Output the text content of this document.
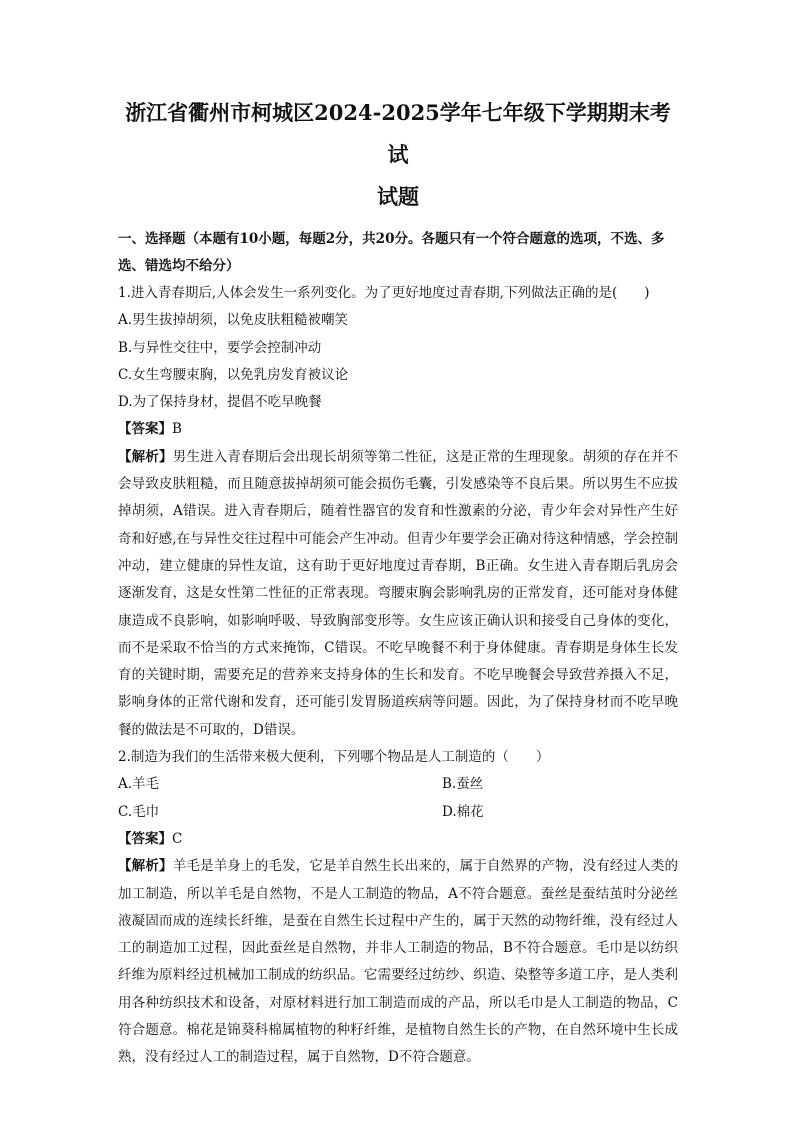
浙江省衢州市柯城区2024-2025学年七年级下学期期末考试
试题
一、选择题（本题有10小题，每题2分，共20分。各题只有一个符合题意的选项，不选、多选、错选均不给分）
1.进入青春期后,人体会发生一系列变化。为了更好地度过青春期,下列做法正确的是(　　)
A.男生拔掉胡须，以免皮肤粗糙被嘲笑
B.与异性交往中，要学会控制冲动
C.女生弯腰束胸，以免乳房发育被议论
D.为了保持身材，提倡不吃早晚餐
【答案】B

【解析】男生进入青春期后会出现长胡须等第二性征，这是正常的生理现象。胡须的存在并不会导致皮肤粗糙，而且随意拔掉胡须可能会损伤毛囊，引发感染等不良后果。所以男生不应拔掉胡须，A错误。进入青春期后，随着性器官的发育和性激素的分泌，青少年会对异性产生好奇和好感,在与异性交往过程中可能会产生冲动。但青少年要学会正确对待这种情感，学会控制冲动，建立健康的异性友谊，这有助于更好地度过青春期，B正确。女生进入青春期后乳房会逐渐发育，这是女性第二性征的正常表现。弯腰束胸会影响乳房的正常发育，还可能对身体健康造成不良影响，如影响呼吸、导致胸部变形等。女生应该正确认识和接受自己身体的变化，而不是采取不恰当的方式来掩饰，C错误。不吃早晚餐不利于身体健康。青春期是身体生长发育的关键时期，需要充足的营养来支持身体的生长和发育。不吃早晚餐会导致营养摄入不足，影响身体的正常代谢和发育，还可能引发胃肠道疾病等问题。因此，为了保持身材而不吃早晚餐的做法是不可取的，D错误。

2.制造为我们的生活带来极大便利，下列哪个物品是人工制造的（　　）
A.羊毛	B.蚕丝
C.毛巾	D.棉花
【答案】C

【解析】羊毛是羊身上的毛发，它是羊自然生长出来的，属于自然界的产物，没有经过人类的加工制造，所以羊毛是自然物，不是人工制造的物品，A不符合题意。蚕丝是蚕结茧时分泌丝液凝固而成的连续长纤维，是蚕在自然生长过程中产生的，属于天然的动物纤维，没有经过人工的制造加工过程，因此蚕丝是自然物，并非人工制造的物品，B不符合题意。毛巾是以纺织纤维为原料经过机械加工制成的纺织品。它需要经过纺纱、织造、染整等多道工序，是人类利用各种纺织技术和设备，对原材料进行加工制造而成的产品，所以毛巾是人工制造的物品，C符合题意。棉花是锦葵科棉属植物的种籽纤维，是植物自然生长的产物，在自然环境中生长成熟，没有经过人工的制造过程，属于自然物，D不符合题意。
